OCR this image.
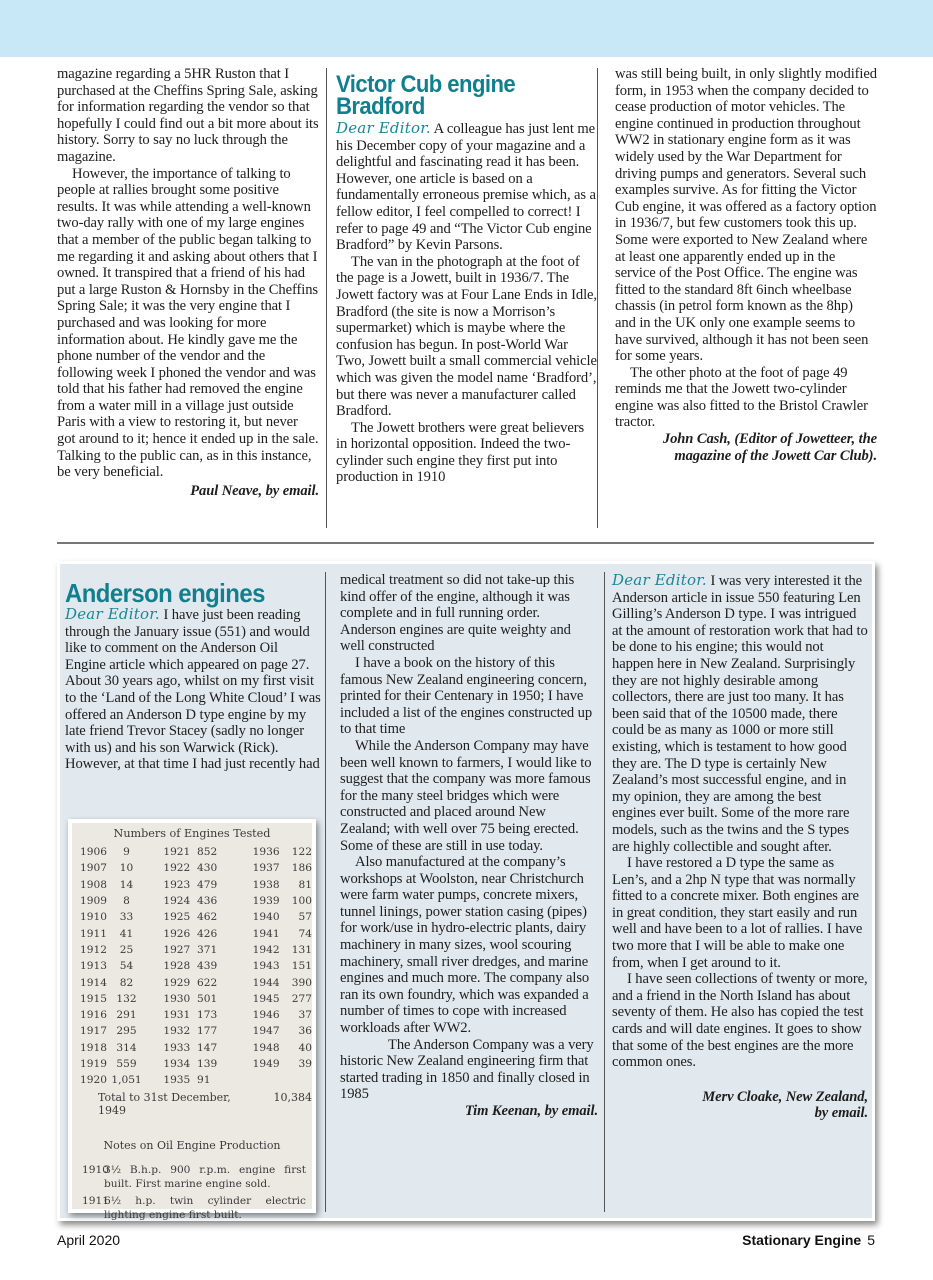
magazine regarding a 5HR Ruston that I purchased at the Cheffins Spring Sale, asking for information regarding the vendor so that hopefully I could find out a bit more about its history. Sorry to say no luck through the magazine.

However, the importance of talking to people at rallies brought some positive results. It was while attending a well-known two-day rally with one of my large engines that a member of the public began talking to me regarding it and asking about others that I owned. It transpired that a friend of his had put a large Ruston & Hornsby in the Cheffins Spring Sale; it was the very engine that I purchased and was looking for more information about. He kindly gave me the phone number of the vendor and the following week I phoned the vendor and was told that his father had removed the engine from a water mill in a village just outside Paris with a view to restoring it, but never got around to it; hence it ended up in the sale. Talking to the public can, as in this instance, be very beneficial.

Paul Neave, by email.

Victor Cub engine
Bradford

Dear Editor. A colleague has just lent me his December copy of your magazine and a delightful and fascinating read it has been. However, one article is based on a fundamentally erroneous premise which, as a fellow editor, I feel compelled to correct! I refer to page 49 and “The Victor Cub engine Bradford” by Kevin Parsons.

The van in the photograph at the foot of the page is a Jowett, built in 1936/7. The Jowett factory was at Four Lane Ends in Idle, Bradford (the site is now a Morrison’s supermarket) which is maybe where the confusion has begun. In post-World War Two, Jowett built a small commercial vehicle which was given the model name ‘Bradford’, but there was never a manufacturer called Bradford.

The Jowett brothers were great believers in horizontal opposition. Indeed the two-cylinder such engine they first put into production in 1910

was still being built, in only slightly modified form, in 1953 when the company decided to cease production of motor vehicles. The engine continued in production throughout WW2 in stationary engine form as it was widely used by the War Department for driving pumps and generators. Several such examples survive. As for fitting the Victor Cub engine, it was offered as a factory option in 1936/7, but few customers took this up. Some were exported to New Zealand where at least one apparently ended up in the service of the Post Office. The engine was fitted to the standard 8ft 6inch wheelbase chassis (in petrol form known as the 8hp) and in the UK only one example seems to have survived, although it has not been seen for some years.

The other photo at the foot of page 49 reminds me that the Jowett two-cylinder engine was also fitted to the Bristol Crawler tractor.

John Cash, (Editor of Jowetteer, the magazine of the Jowett Car Club).

Anderson engines

Dear Editor. I have just been reading through the January issue (551) and would like to comment on the Anderson Oil Engine article which appeared on page 27. About 30 years ago, whilst on my first visit to the ‘Land of the Long White Cloud’ I was offered an Anderson D type engine by my late friend Trevor Stacey (sadly no longer with us) and his son Warwick (Rick). However, at that time I had just recently had

Numbers of Engines Tested
1906	9	1921 852	1936	122
1907	10	1922 430	1937	186
1908	14	1923 479	1938	81
1909	8	1924 436	1939	100
1910	33	1925 462	1940	57
1911	41	1926 426	1941	74
1912	25	1927 371	1942	131
1913	54	1928 439	1943	151
1914	82	1929 622	1944	390
1915 132	1930 501	1945	277
1916 291	1931 173	1946	37
1917 295	1932 177	1947	36
1918 314	1933 147	1948	40
1919 559	1934 139	1949	39
1920 1,051 1935 91
Total to 31st December, 1949
10,384
Notes on Oil Engine Production
1910
3½ B.h.p. 900 r.p.m. engine first built. First marine engine sold.
1911
6½ h.p. twin cylinder electric lighting engine first built.

medical treatment so did not take-up this kind offer of the engine, although it was complete and in full running order. Anderson engines are quite weighty and well constructed

I have a book on the history of this famous New Zealand engineering concern, printed for their Centenary in 1950; I have included a list of the engines constructed up to that time

While the Anderson Company may have been well known to farmers, I would like to suggest that the company was more famous for the many steel bridges which were constructed and placed around New Zealand; with well over 75 being erected. Some of these are still in use today.

Also manufactured at the company’s workshops at Woolston, near Christchurch were farm water pumps, concrete mixers, tunnel linings, power station casing (pipes) for work/use in hydro-electric plants, dairy machinery in many sizes, wool scouring machinery, small river dredges, and marine engines and much more. The company also ran its own foundry, which was expanded a number of times to cope with increased workloads after WW2.

The Anderson Company was a very historic New Zealand engineering firm that started trading in 1850 and finally closed in 1985

Tim Keenan, by email.

Dear Editor. I was very interested it the Anderson article in issue 550 featuring Len Gilling’s Anderson D type. I was intrigued at the amount of restoration work that had to be done to his engine; this would not happen here in New Zealand. Surprisingly they are not highly desirable among collectors, there are just too many. It has been said that of the 10500 made, there could be as many as 1000 or more still existing, which is testament to how good they are. The D type is certainly New Zealand’s most successful engine, and in my opinion, they are among the best engines ever built. Some of the more rare models, such as the twins and the S types are highly collectible and sought after.

I have restored a D type the same as Len’s, and a 2hp N type that was normally fitted to a concrete mixer. Both engines are in great condition, they start easily and run well and have been to a lot of rallies. I have two more that I will be able to make one from, when I get around to it.

I have seen collections of twenty or more, and a friend in the North Island has about seventy of them. He also has copied the test cards and will date engines. It goes to show that some of the best engines are the more common ones.

Merv Cloake, New Zealand,
by email.

April 2020	Stationary Engine 5
